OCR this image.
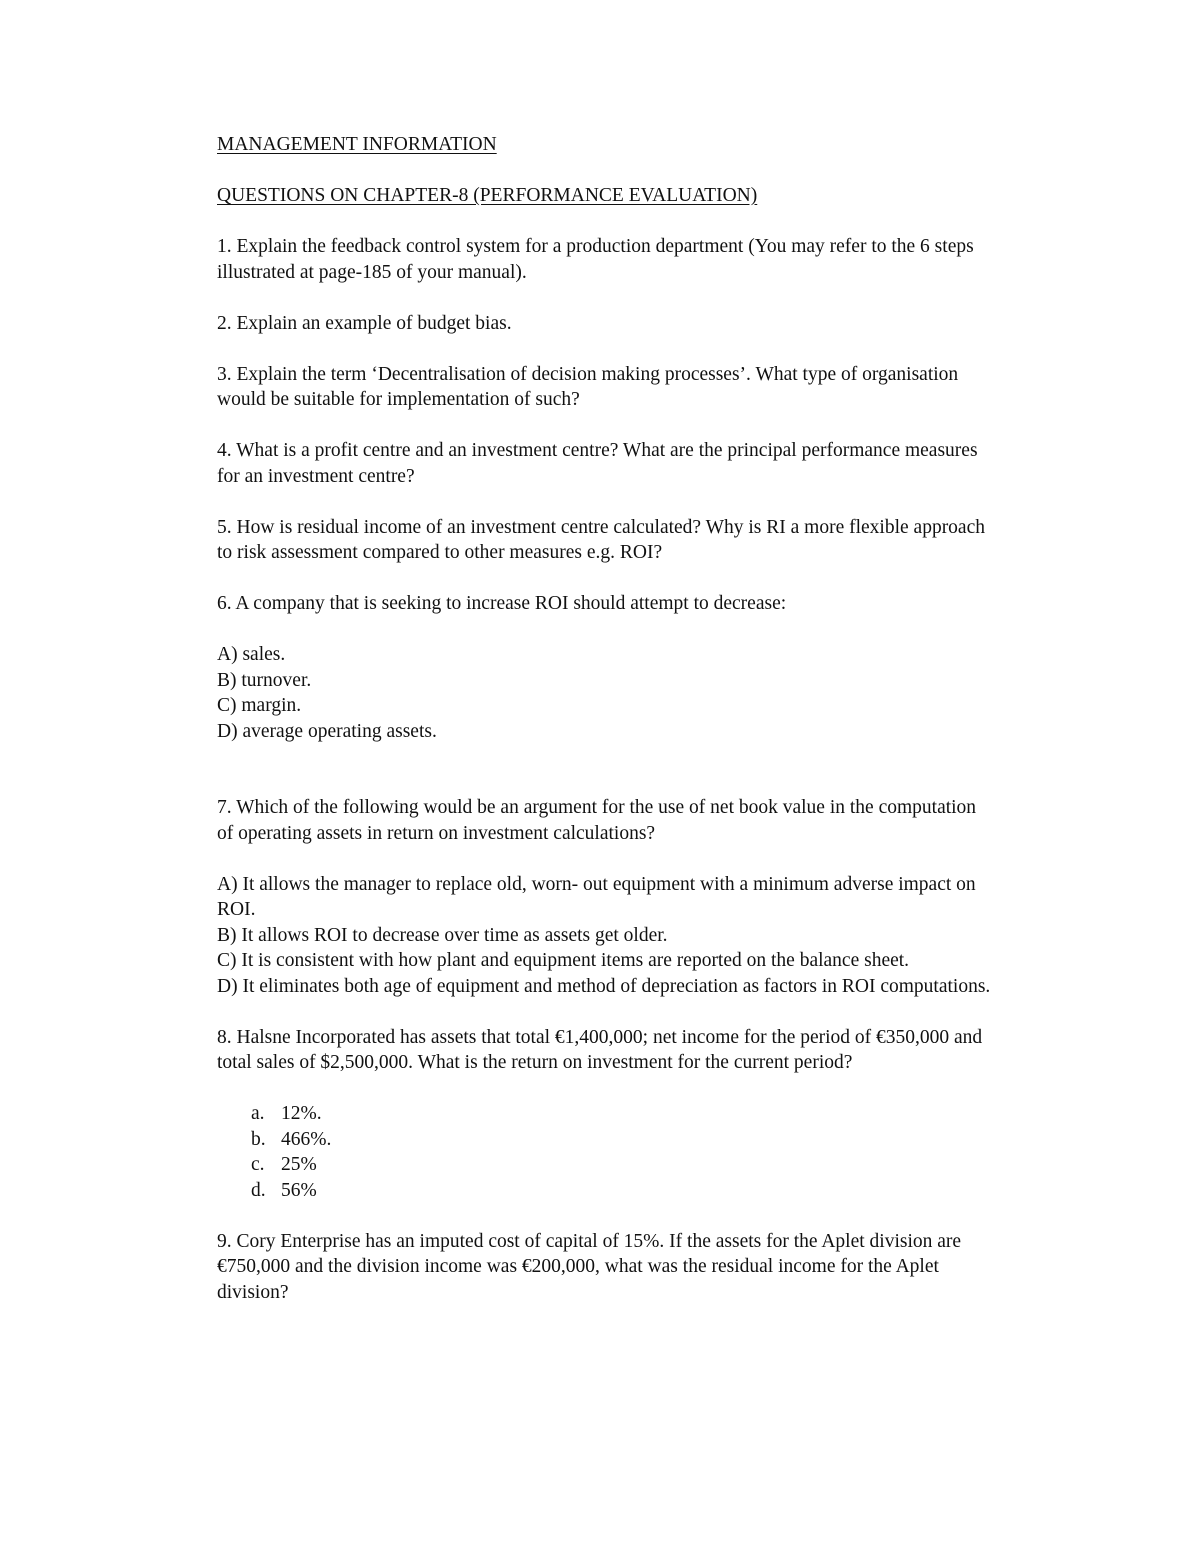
MANAGEMENT INFORMATION
QUESTIONS ON CHAPTER-8 (PERFORMANCE EVALUATION)

1. Explain the feedback control system for a production department (You may refer to the 6 steps illustrated at page-185 of your manual).

2. Explain an example of budget bias.

3. Explain the term ‘Decentralisation of decision making processes’. What type of organisation would be suitable for implementation of such?

4. What is a profit centre and an investment centre? What are the principal performance measures for an investment centre?

5. How is residual income of an investment centre calculated? Why is RI a more flexible approach to risk assessment compared to other measures e.g. ROI?

6. A company that is seeking to increase ROI should attempt to decrease:

A) sales.
B) turnover.
C) margin.
D) average operating assets.

7. Which of the following would be an argument for the use of net book value in the computation of operating assets in return on investment calculations?

A) It allows the manager to replace old, worn- out equipment with a minimum adverse impact on ROI.
B) It allows ROI to decrease over time as assets get older.
C) It is consistent with how plant and equipment items are reported on the balance sheet.
D) It eliminates both age of equipment and method of depreciation as factors in ROI computations.

8. Halsne Incorporated has assets that total €1,400,000; net income for the period of €350,000 and total sales of $2,500,000. What is the return on investment for the current period?

a. 12%.
b. 466%.
c. 25%
d. 56%

9. Cory Enterprise has an imputed cost of capital of 15%. If the assets for the Aplet division are €750,000 and the division income was €200,000, what was the residual income for the Aplet division?
